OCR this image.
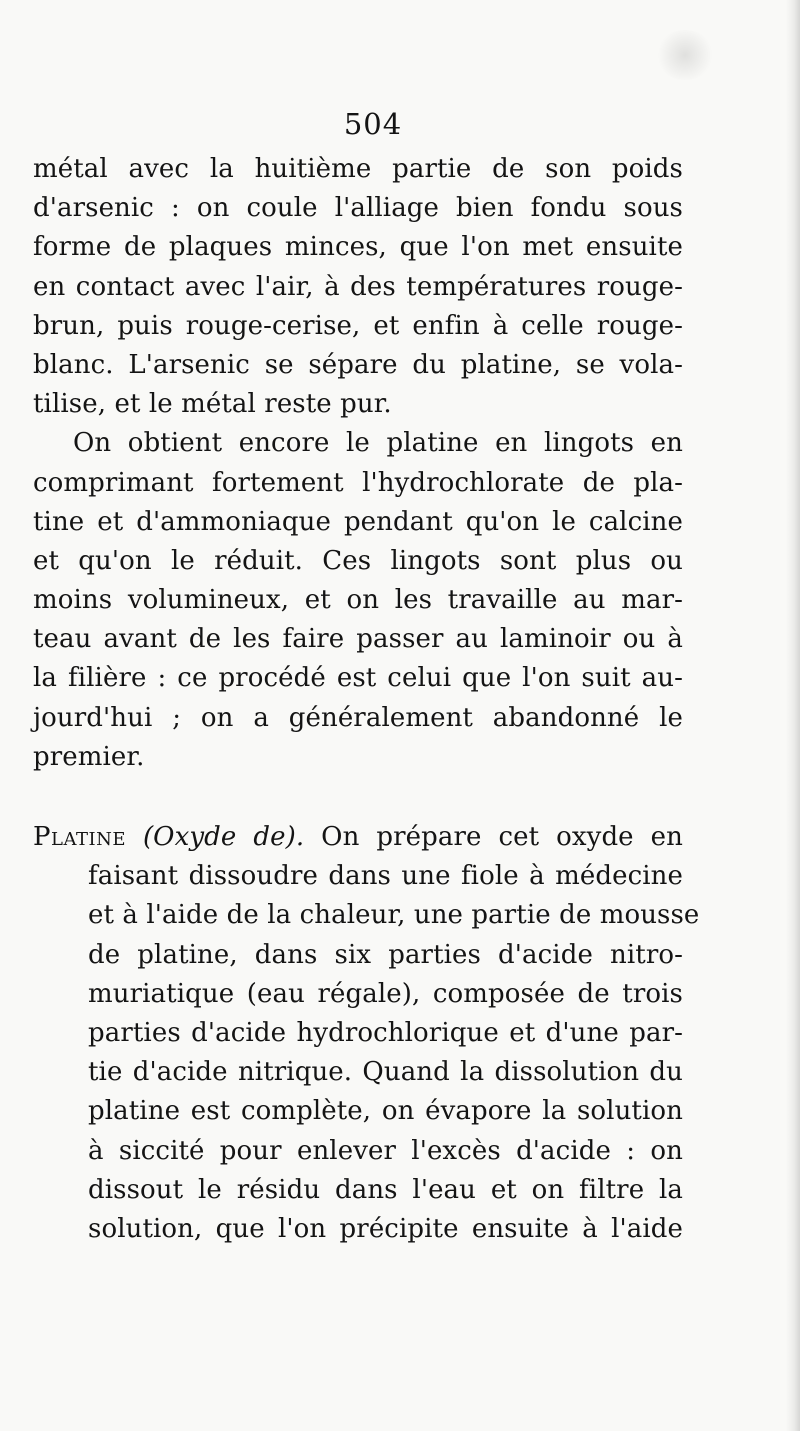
504
métal avec la huitième partie de son poids
d'arsenic : on coule l'alliage bien fondu sous
forme de plaques minces, que l'on met ensuite
en contact avec l'air, à des températures rouge-
brun, puis rouge-cerise, et enfin à celle rouge-
blanc. L'arsenic se sépare du platine, se vola-
tilise, et le métal reste pur.
On obtient encore le platine en lingots en
comprimant fortement l'hydrochlorate de pla-
tine et d'ammoniaque pendant qu'on le calcine
et qu'on le réduit. Ces lingots sont plus ou
moins volumineux, et on les travaille au mar-
teau avant de les faire passer au laminoir ou à
la filière : ce procédé est celui que l'on suit au-
jourd'hui ; on a généralement abandonné le
premier.
Platine (Oxyde de). On prépare cet oxyde en
faisant dissoudre dans une fiole à médecine
et à l'aide de la chaleur, une partie de mousse
de platine, dans six parties d'acide nitro-
muriatique (eau régale), composée de trois
parties d'acide hydrochlorique et d'une par-
tie d'acide nitrique. Quand la dissolution du
platine est complète, on évapore la solution
à siccité pour enlever l'excès d'acide : on
dissout le résidu dans l'eau et on filtre la
solution, que l'on précipite ensuite à l'aide
